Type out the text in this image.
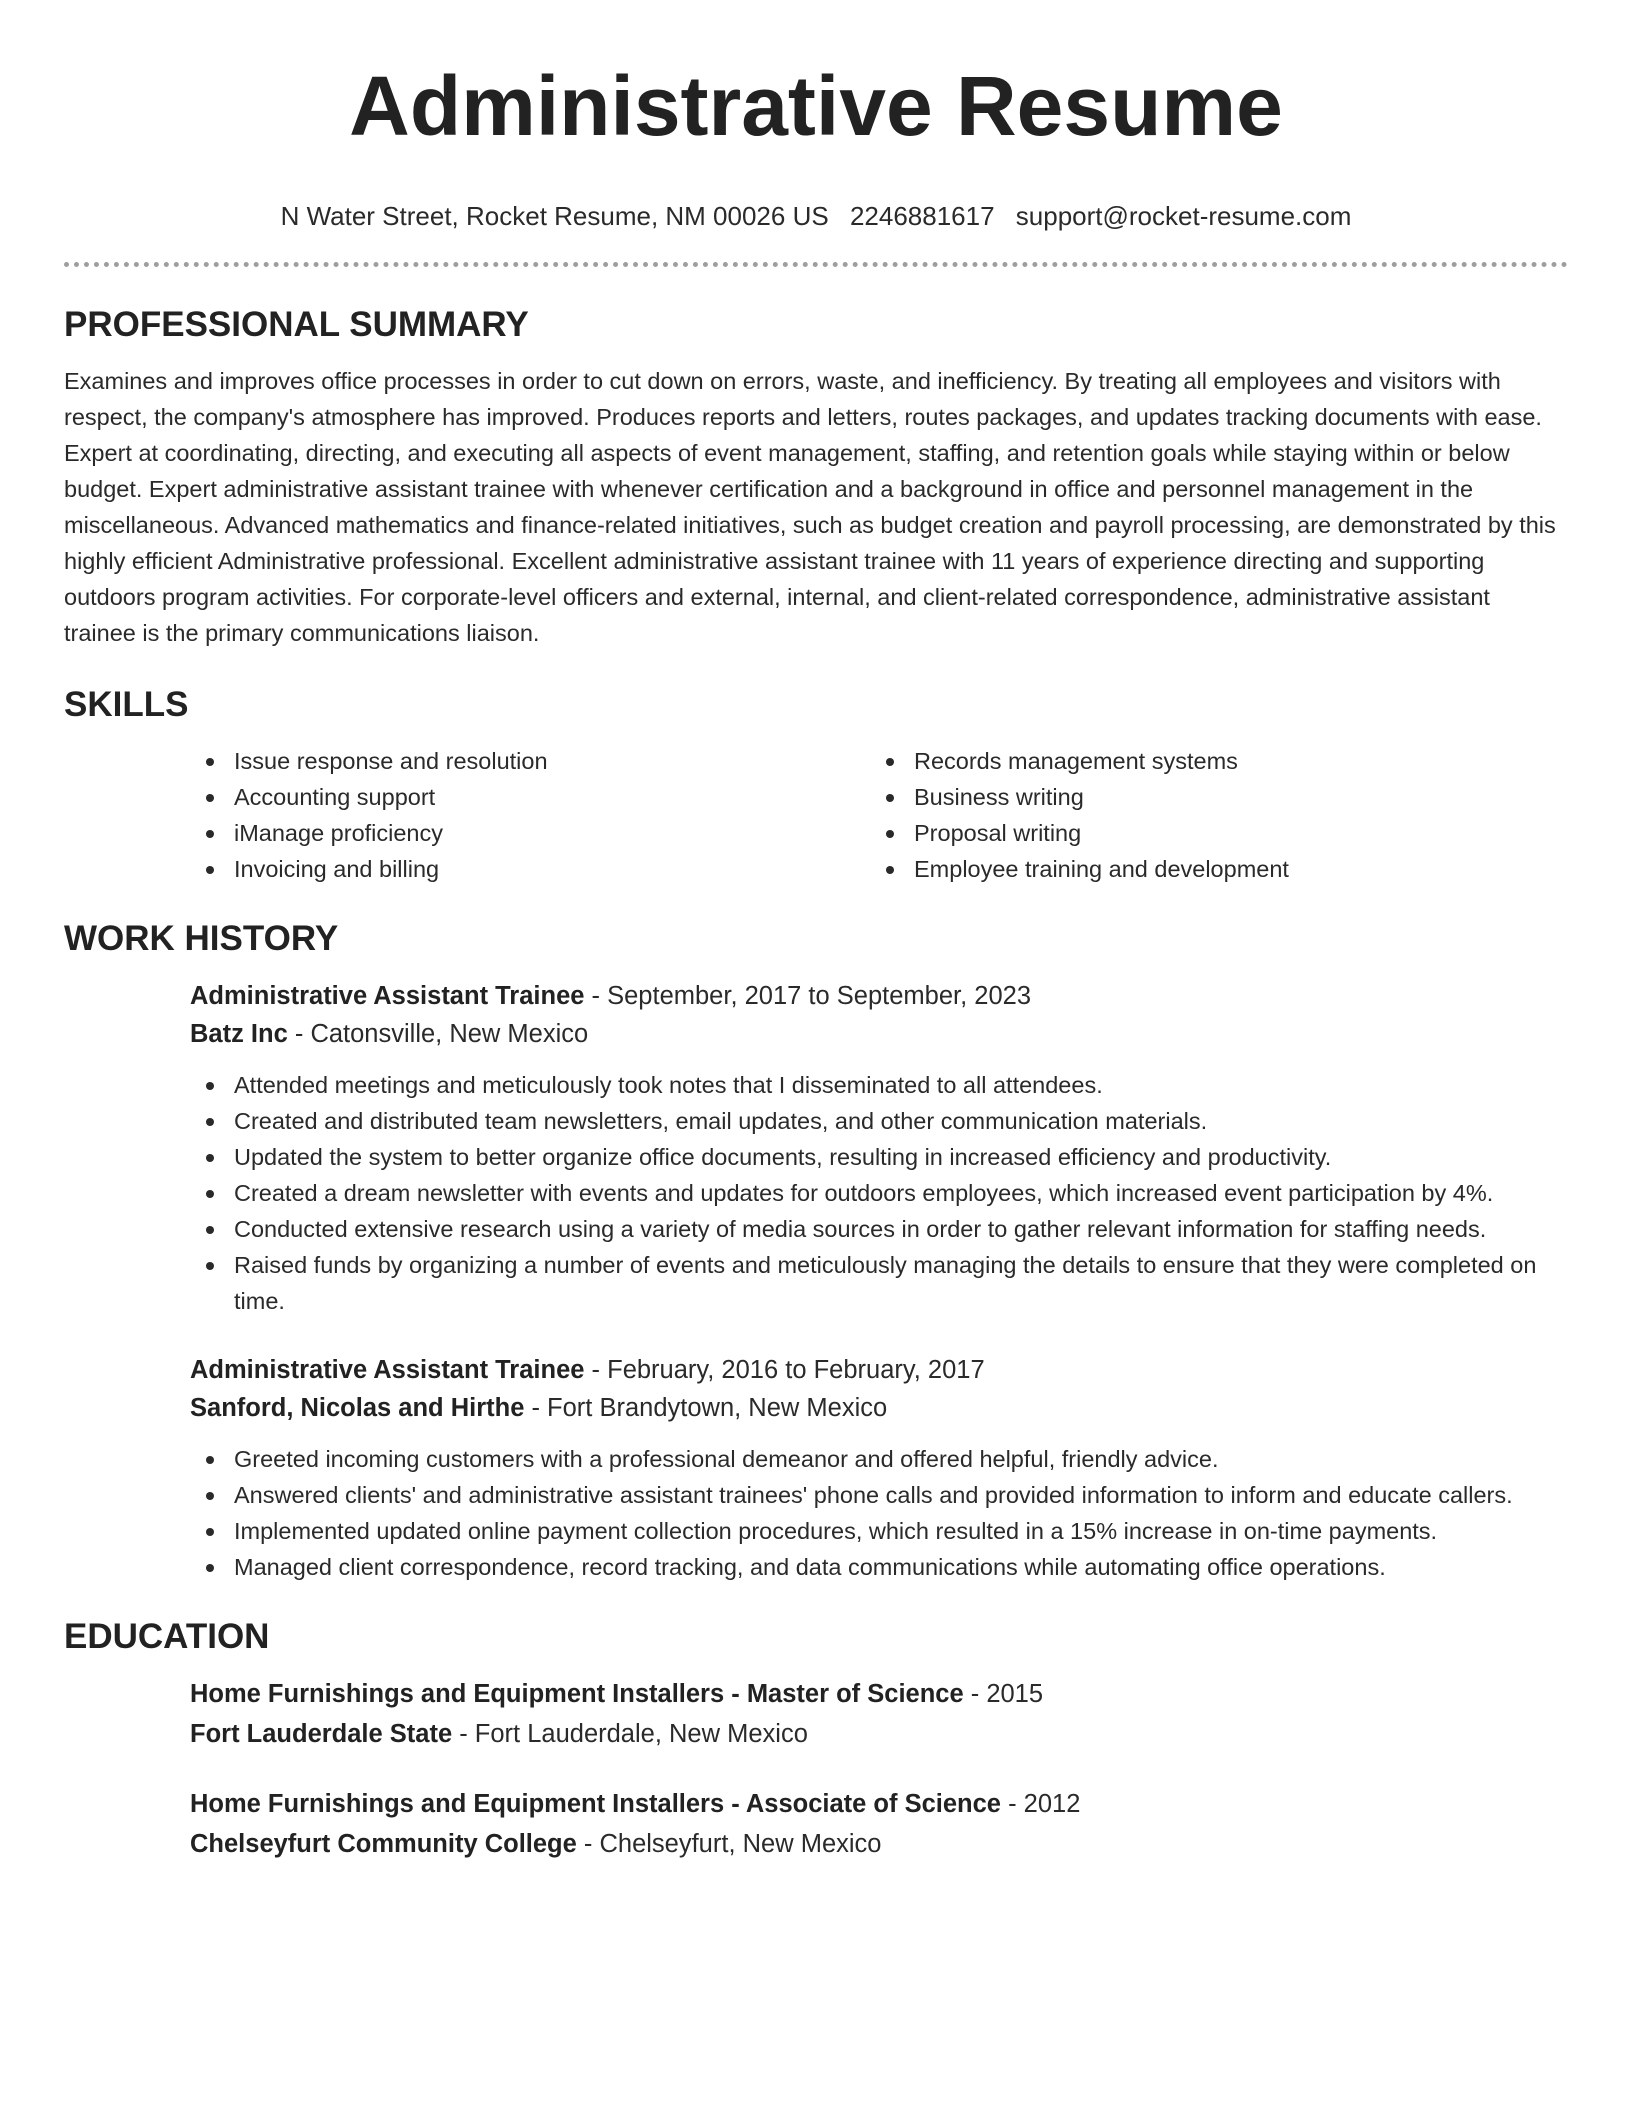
Administrative Resume
N Water Street, Rocket Resume, NM 00026 US 2246881617 support@rocket-resume.com
PROFESSIONAL SUMMARY

Examines and improves office processes in order to cut down on errors, waste, and inefficiency. By treating all employees and visitors with respect, the company's atmosphere has improved. Produces reports and letters, routes packages, and updates tracking documents with ease. Expert at coordinating, directing, and executing all aspects of event management, staffing, and retention goals while staying within or below budget. Expert administrative assistant trainee with whenever certification and a background in office and personnel management in the miscellaneous. Advanced mathematics and finance-related initiatives, such as budget creation and payroll processing, are demonstrated by this highly efficient Administrative professional. Excellent administrative assistant trainee with 11 years of experience directing and supporting outdoors program activities. For corporate-level officers and external, internal, and client-related correspondence, administrative assistant trainee is the primary communications liaison.

SKILLS
Issue response and resolution
Accounting support
iManage proficiency
Invoicing and billing
Records management systems
Business writing
Proposal writing
Employee training and development
WORK HISTORY
Administrative Assistant Trainee - September, 2017 to September, 2023
Batz Inc - Catonsville, New Mexico
Attended meetings and meticulously took notes that I disseminated to all attendees.
Created and distributed team newsletters, email updates, and other communication materials.
Updated the system to better organize office documents, resulting in increased efficiency and productivity.
Created a dream newsletter with events and updates for outdoors employees, which increased event participation by 4%.
Conducted extensive research using a variety of media sources in order to gather relevant information for staffing needs.
Raised funds by organizing a number of events and meticulously managing the details to ensure that they were completed on time.
Administrative Assistant Trainee - February, 2016 to February, 2017
Sanford, Nicolas and Hirthe - Fort Brandytown, New Mexico
Greeted incoming customers with a professional demeanor and offered helpful, friendly advice.
Answered clients' and administrative assistant trainees' phone calls and provided information to inform and educate callers.
Implemented updated online payment collection procedures, which resulted in a 15% increase in on-time payments.
Managed client correspondence, record tracking, and data communications while automating office operations.
EDUCATION
Home Furnishings and Equipment Installers - Master of Science - 2015
Fort Lauderdale State - Fort Lauderdale, New Mexico
Home Furnishings and Equipment Installers - Associate of Science - 2012
Chelseyfurt Community College - Chelseyfurt, New Mexico
